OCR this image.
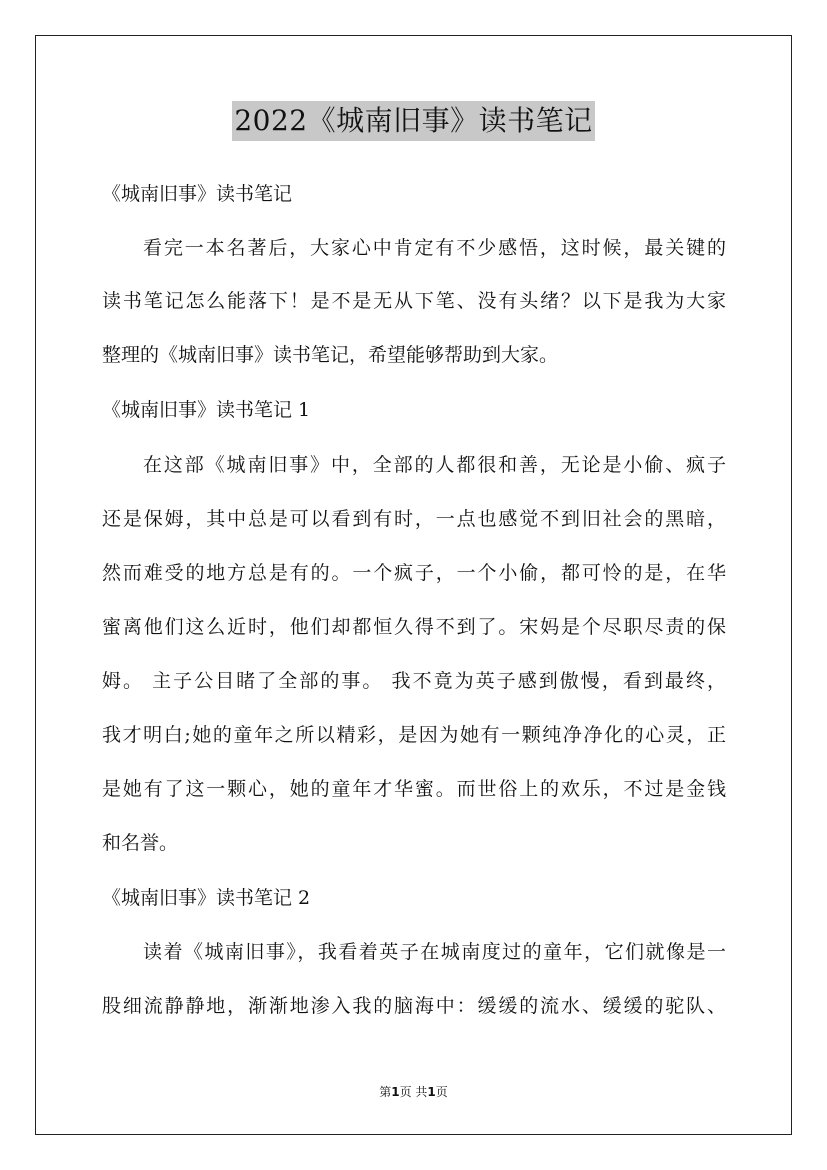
2022《城南旧事》读书笔记
《城南旧事》读书笔记
看完一本名著后，大家心中肯定有不少感悟，这时候，最关键的
读书笔记怎么能落下！是不是无从下笔、没有头绪？以下是我为大家
整理的《城南旧事》读书笔记，希望能够帮助到大家。
《城南旧事》读书笔记 1
在这部《城南旧事》中，全部的人都很和善，无论是小偷、疯子
还是保姆，其中总是可以看到有时，一点也感觉不到旧社会的黑暗，
然而难受的地方总是有的。一个疯子，一个小偷，都可怜的是，在华
蜜离他们这么近时，他们却都恒久得不到了。宋妈是个尽职尽责的保
姆。 主子公目睹了全部的事。 我不竟为英子感到傲慢，看到最终，
我才明白;她的童年之所以精彩，是因为她有一颗纯净净化的心灵，正
是她有了这一颗心，她的童年才华蜜。而世俗上的欢乐，不过是金钱
和名誉。
《城南旧事》读书笔记 2
读着《城南旧事》，我看着英子在城南度过的童年，它们就像是一
股细流静静地，渐渐地渗入我的脑海中：缓缓的流水、缓缓的驼队、
第1页 共1页
